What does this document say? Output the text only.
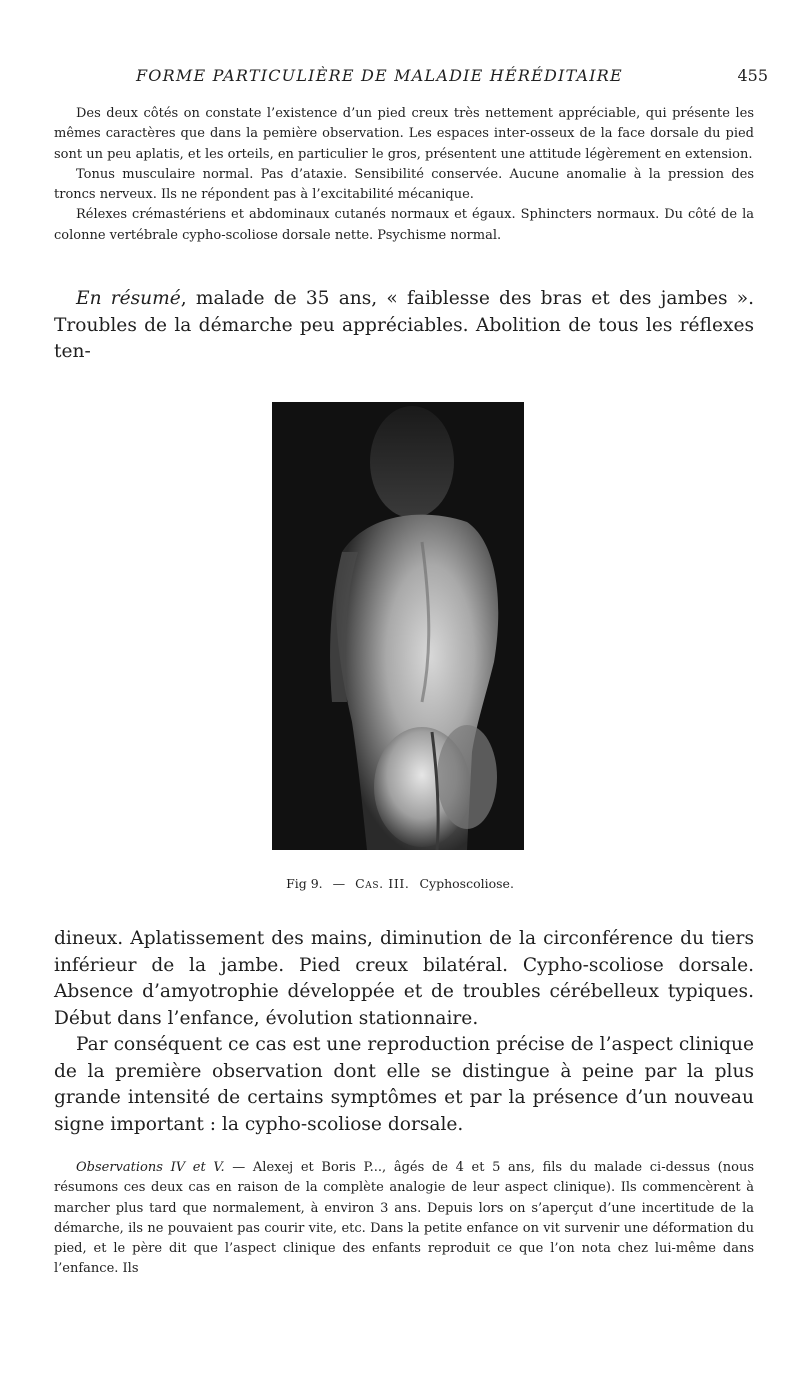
FORME PARTICULIÈRE DE MALADIE HÉRÉDITAIRE	455

Des deux côtés on constate l’existence d’un pied creux très nettement appréciable, qui présente les mêmes caractères que dans la pemière observation. Les espaces inter-osseux de la face dorsale du pied sont un peu aplatis, et les orteils, en particulier le gros, présentent une attitude légèrement en extension.

Tonus musculaire normal. Pas d’ataxie. Sensibilité conservée. Aucune anomalie à la pression des troncs nerveux. Ils ne répondent pas à l’excitabilité mécanique.

Rélexes crémastériens et abdominaux cutanés normaux et égaux. Sphincters normaux. Du côté de la colonne vertébrale cypho-scoliose dorsale nette. Psychisme normal.

En résumé, malade de 35 ans, « faiblesse des bras et des jambes ». Troubles de la démarche peu appréciables. Abolition de tous les réflexes ten-

Fig 9. — Cas. III. Cyphoscoliose.

dineux. Aplatissement des mains, diminution de la circonférence du tiers inférieur de la jambe. Pied creux bilatéral. Cypho-scoliose dorsale. Absence d’amyotrophie développée et de troubles cérébelleux typiques. Début dans l’enfance, évolution stationnaire.

Par conséquent ce cas est une reproduction précise de l’aspect clinique de la première observation dont elle se distingue à peine par la plus grande intensité de certains symptômes et par la présence d’un nouveau signe important : la cypho-scoliose dorsale.

Observations IV et V. — Alexej et Boris P..., âgés de 4 et 5 ans, fils du malade ci-dessus (nous résumons ces deux cas en raison de la complète analogie de leur aspect clinique). Ils commencèrent à marcher plus tard que normalement, à environ 3 ans. Depuis lors on s’aperçut d’une incertitude de la démarche, ils ne pouvaient pas courir vite, etc. Dans la petite enfance on vit survenir une déformation du pied, et le père dit que l’aspect clinique des enfants reproduit ce que l’on nota chez lui-même dans l’enfance. Ils
